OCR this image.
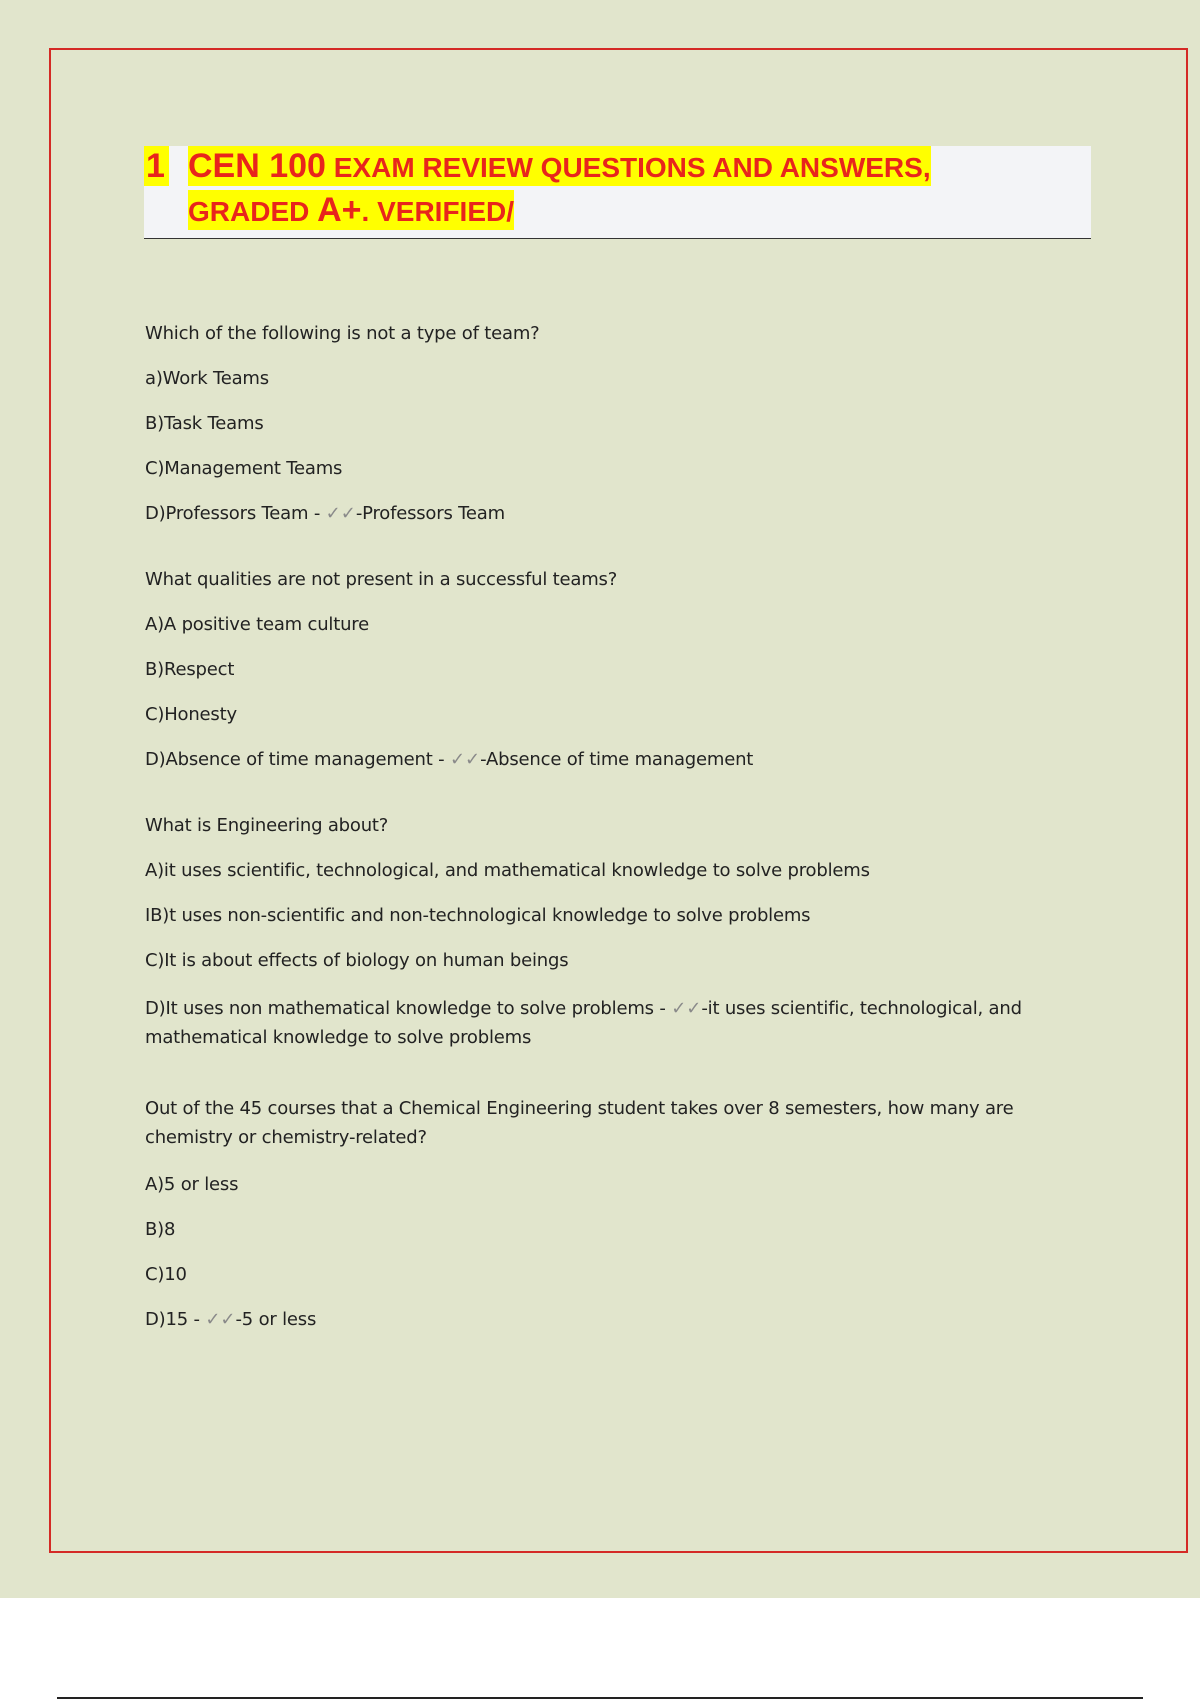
1 CEN 100 EXAM REVIEW QUESTIONS AND ANSWERS,
GRADED A+. VERIFIED/
Which of the following is not a type of team?
a)Work Teams
B)Task Teams
C)Management Teams
D)Professors Team - ✓✓-Professors Team
What qualities are not present in a successful teams?
A)A positive team culture
B)Respect
C)Honesty
D)Absence of time management - ✓✓-Absence of time management
What is Engineering about?
A)it uses scientific, technological, and mathematical knowledge to solve problems
IB)t uses non-scientific and non-technological knowledge to solve problems
C)It is about effects of biology on human beings
D)It uses non mathematical knowledge to solve problems - ✓✓-it uses scientific, technological, and mathematical knowledge to solve problems
Out of the 45 courses that a Chemical Engineering student takes over 8 semesters, how many are chemistry or chemistry-related?
A)5 or less
B)8
C)10
D)15 - ✓✓-5 or less
